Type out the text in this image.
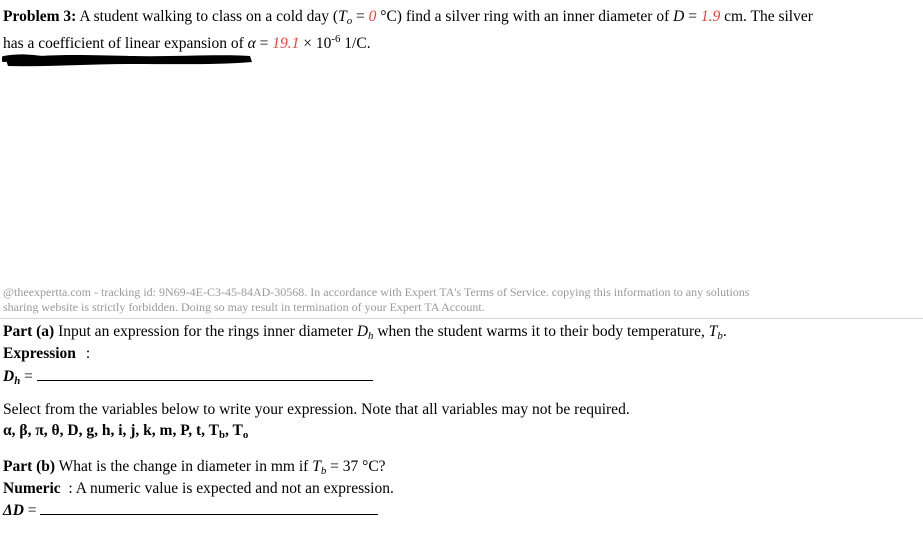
Problem 3: A student walking to class on a cold day ($T_o = 0$ °C) find a silver ring with an inner diameter of D = 1.9 cm. The silver
has a coefficient of linear expansion of $\alpha = 19.1 \times 10^{-6}$ 1/C.
@theexpertta.com - tracking id: 9N69-4E-C3-45-84AD-30568. In accordance with Expert TA's Terms of Service. copying this information to any solutions
sharing website is strictly forbidden. Doing so may result in termination of your Expert TA Account.
Part (a) Input an expression for the rings inner diameter $D_h$ when the student warms it to their body temperature, $T_b$.
Expression :
$D_h$ =
Select from the variables below to write your expression. Note that all variables may not be required.
α, β, π, θ, D, g, h, i, j, k, m, P, t, $T_b$, $T_o$
Part (b) What is the change in diameter in mm if $T_b = 37$ °C?
Numeric  : A numeric value is expected and not an expression.
ΔD =
